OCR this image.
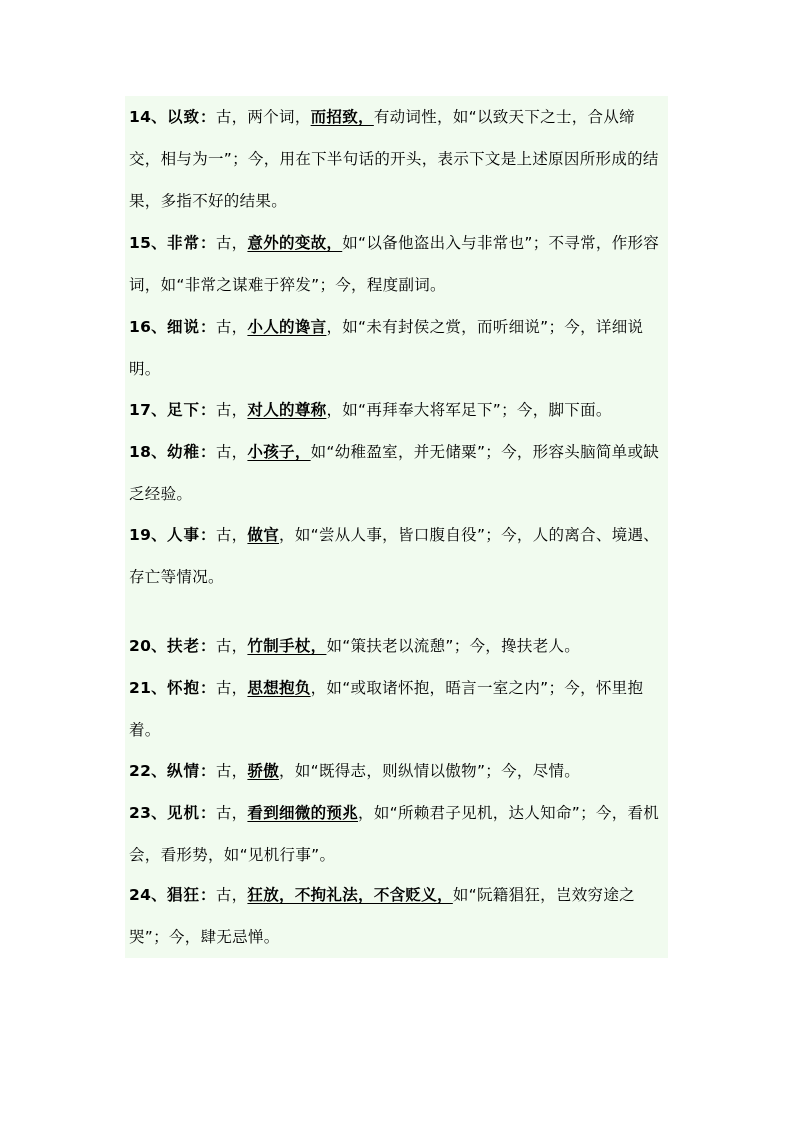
14、以致：古，两个词，而招致，有动词性，如“以致天下之士，合从缔交，相与为一”；今，用在下半句话的开头，表示下文是上述原因所形成的结果，多指不好的结果。
15、非常：古，意外的变故，如“以备他盗出入与非常也”；不寻常，作形容词，如“非常之谋难于猝发”；今，程度副词。
16、细说：古，小人的谗言，如“未有封侯之赏，而听细说”；今，详细说明。
17、足下：古，对人的尊称，如“再拜奉大将军足下”；今，脚下面。
18、幼稚：古，小孩子，如“幼稚盈室，并无储粟”；今，形容头脑简单或缺乏经验。
19、人事：古，做官，如“尝从人事，皆口腹自役”；今，人的离合、境遇、存亡等情况。
20、扶老：古，竹制手杖，如“策扶老以流憩”；今，搀扶老人。
21、怀抱：古，思想抱负，如“或取诸怀抱，晤言一室之内”；今，怀里抱着。
22、纵情：古，骄傲，如“既得志，则纵情以傲物”；今，尽情。
23、见机：古，看到细微的预兆，如“所赖君子见机，达人知命”；今，看机会，看形势，如“见机行事”。
24、猖狂：古，狂放，不拘礼法，不含贬义，如“阮籍猖狂，岂效穷途之哭”；今，肆无忌惮。
